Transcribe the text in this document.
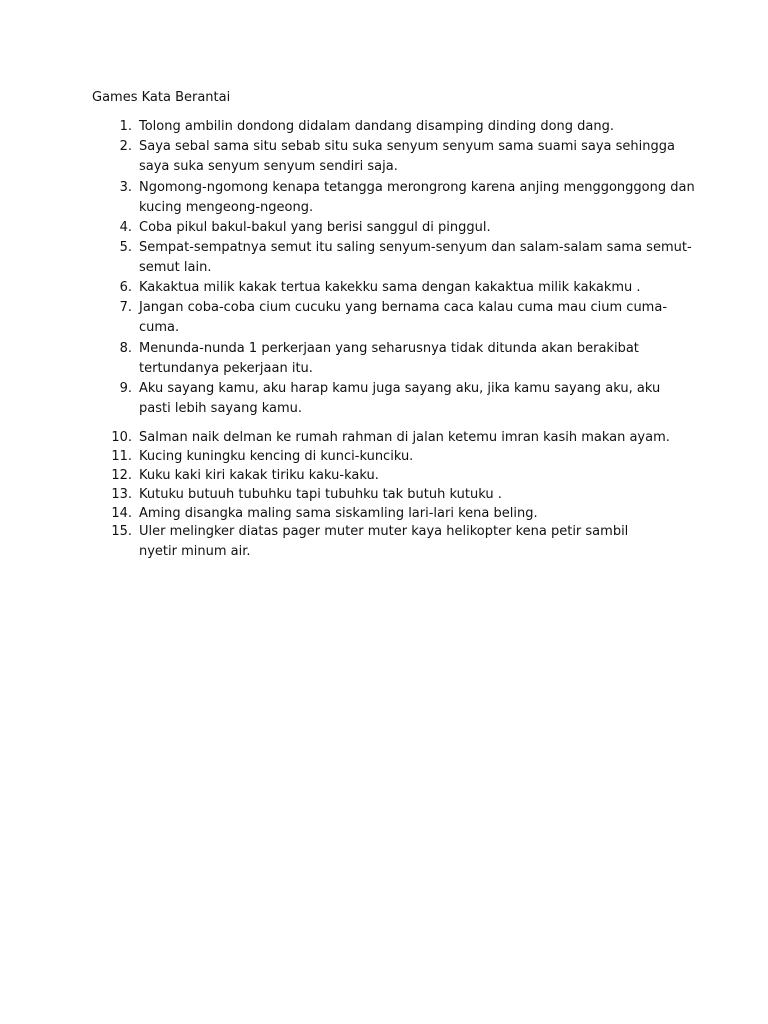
Games Kata Berantai
1. Tolong ambilin dondong didalam dandang disamping dinding dong dang.
2. Saya sebal sama situ sebab situ suka senyum senyum sama suami saya sehingga
saya suka senyum senyum sendiri saja.
3. Ngomong-ngomong kenapa tetangga merongrong karena anjing menggonggong dan
kucing mengeong-ngeong.
4. Coba pikul bakul-bakul yang berisi sanggul di pinggul.
5. Sempat-sempatnya semut itu saling senyum-senyum dan salam-salam sama semut-
semut lain.
6. Kakaktua milik kakak tertua kakekku sama dengan kakaktua milik kakakmu .
7. Jangan coba-coba cium cucuku yang bernama caca kalau cuma mau cium cuma-
cuma.
8. Menunda-nunda 1 perkerjaan yang seharusnya tidak ditunda akan berakibat
tertundanya pekerjaan itu.
9. Aku sayang kamu, aku harap kamu juga sayang aku, jika kamu sayang aku, aku
pasti lebih sayang kamu.
10. Salman naik delman ke rumah rahman di jalan ketemu imran kasih makan ayam.
11. Kucing kuningku kencing di kunci-kunciku.
12. Kuku kaki kiri kakak tiriku kaku-kaku.
13. Kutuku butuuh tubuhku tapi tubuhku tak butuh kutuku .
14. Aming disangka maling sama siskamling lari-lari kena beling.
15. Uler melingker diatas pager muter muter kaya helikopter kena petir sambil
nyetir minum air.
